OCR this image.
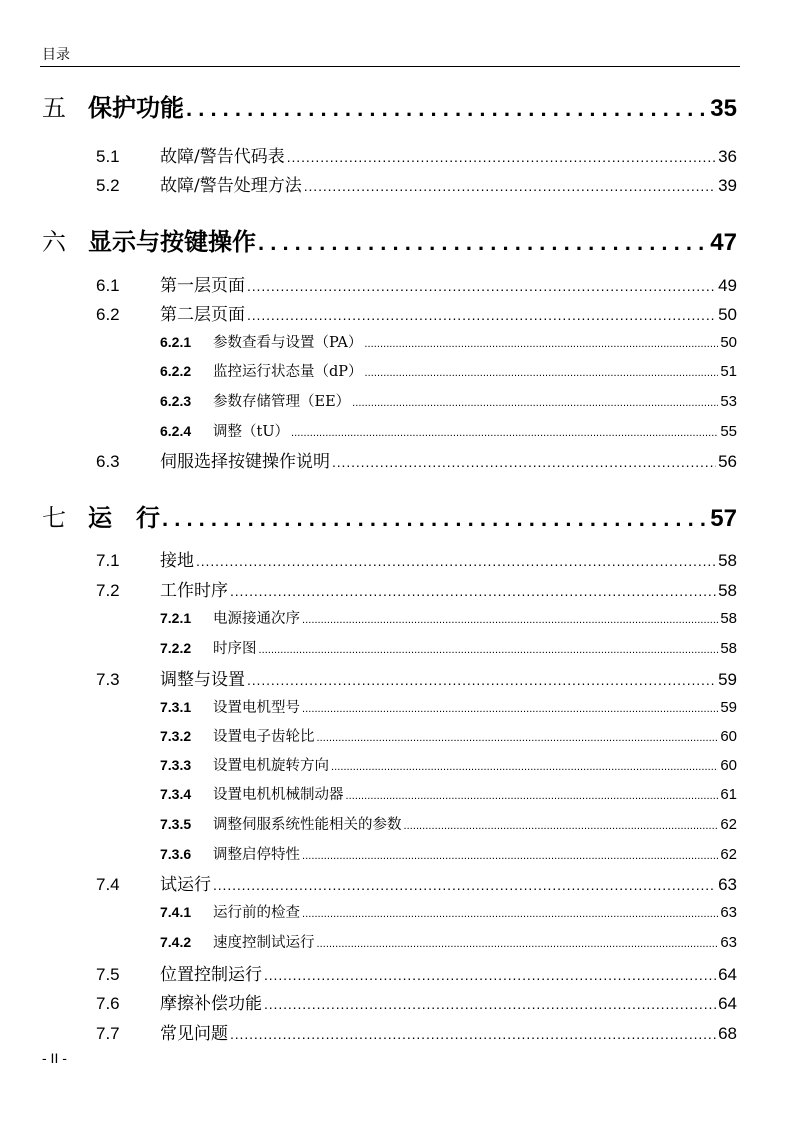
目录
五 保护功能 . . .	35
5.1	故障/警告代码表 . . .	36
5.2	故障/警告处理方法 . . .	39
六 显示与按键操作 . . .	47
6.1	第一层页面 . . .	49
6.2	第二层页面 . . .	50
6.2.1	参数查看与设置（PA） . . .	50
6.2.2	监控运行状态量（dP） . . .	51
6.2.3	参数存储管理（EE） . . .	53
6.2.4	调整（tU） . . .	55
6.3	伺服选择按键操作说明 . . .	56
七 运　行 . . .	57
7.1	接地 . . .	58
7.2	工作时序 . . .	58
7.2.1	电源接通次序 . . .	58
7.2.2	时序图 . . .	58
7.3	调整与设置 . . .	59
7.3.1	设置电机型号 . . .	59
7.3.2	设置电子齿轮比 . . .	60
7.3.3	设置电机旋转方向 . . .	60
7.3.4	设置电机机械制动器 . . .	61
7.3.5	调整伺服系统性能相关的参数 . . .	62
7.3.6	调整启停特性 . . .	62
7.4	试运行 . . .	63
7.4.1	运行前的检查 . . .	63
7.4.2	速度控制试运行 . . .	63
7.5	位置控制运行 . . .	64
7.6	摩擦补偿功能 . . .	64
7.7	常见问题 . . .	68
- II -
